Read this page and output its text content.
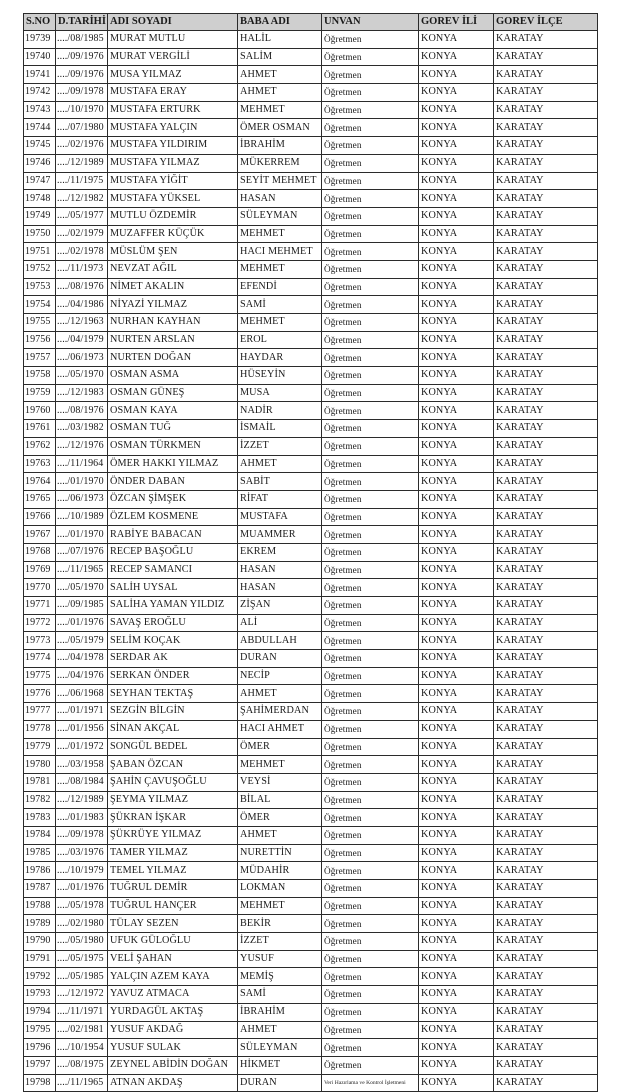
S.NO	D.TARİHİ	ADI SOYADI	BABA ADI	UNVAN	GOREV İLİ	GOREV İLÇE
19739	..../08/1985	MURAT MUTLU	HALİL	Öğretmen	KONYA	KARATAY
19740	..../09/1976	MURAT VERGİLİ	SALİM	Öğretmen	KONYA	KARATAY
19741	..../09/1976	MUSA YILMAZ	AHMET	Öğretmen	KONYA	KARATAY
19742	..../09/1978	MUSTAFA ERAY	AHMET	Öğretmen	KONYA	KARATAY
19743	..../10/1970	MUSTAFA ERTURK	MEHMET	Öğretmen	KONYA	KARATAY
19744	..../07/1980	MUSTAFA YALÇIN	ÖMER OSMAN	Öğretmen	KONYA	KARATAY
19745	..../02/1976	MUSTAFA YILDIRIM	İBRAHİM	Öğretmen	KONYA	KARATAY
19746	..../12/1989	MUSTAFA YILMAZ	MÜKERREM	Öğretmen	KONYA	KARATAY
19747	..../11/1975	MUSTAFA YİĞİT	SEYİT MEHMET	Öğretmen	KONYA	KARATAY
19748	..../12/1982	MUSTAFA YÜKSEL	HASAN	Öğretmen	KONYA	KARATAY
19749	..../05/1977	MUTLU ÖZDEMİR	SÜLEYMAN	Öğretmen	KONYA	KARATAY
19750	..../02/1979	MUZAFFER KÜÇÜK	MEHMET	Öğretmen	KONYA	KARATAY
19751	..../02/1978	MÜSLÜM ŞEN	HACI MEHMET	Öğretmen	KONYA	KARATAY
19752	..../11/1973	NEVZAT AĞIL	MEHMET	Öğretmen	KONYA	KARATAY
19753	..../08/1976	NİMET AKALIN	EFENDİ	Öğretmen	KONYA	KARATAY
19754	..../04/1986	NİYAZİ YILMAZ	SAMİ	Öğretmen	KONYA	KARATAY
19755	..../12/1963	NURHAN KAYHAN	MEHMET	Öğretmen	KONYA	KARATAY
19756	..../04/1979	NURTEN ARSLAN	EROL	Öğretmen	KONYA	KARATAY
19757	..../06/1973	NURTEN DOĞAN	HAYDAR	Öğretmen	KONYA	KARATAY
19758	..../05/1970	OSMAN ASMA	HÜSEYİN	Öğretmen	KONYA	KARATAY
19759	..../12/1983	OSMAN GÜNEŞ	MUSA	Öğretmen	KONYA	KARATAY
19760	..../08/1976	OSMAN KAYA	NADİR	Öğretmen	KONYA	KARATAY
19761	..../03/1982	OSMAN TUĞ	İSMAİL	Öğretmen	KONYA	KARATAY
19762	..../12/1976	OSMAN TÜRKMEN	İZZET	Öğretmen	KONYA	KARATAY
19763	..../11/1964	ÖMER HAKKI YILMAZ	AHMET	Öğretmen	KONYA	KARATAY
19764	..../01/1970	ÖNDER DABAN	SABİT	Öğretmen	KONYA	KARATAY
19765	..../06/1973	ÖZCAN ŞİMŞEK	RİFAT	Öğretmen	KONYA	KARATAY
19766	..../10/1989	ÖZLEM KOSMENE	MUSTAFA	Öğretmen	KONYA	KARATAY
19767	..../01/1970	RABİYE BABACAN	MUAMMER	Öğretmen	KONYA	KARATAY
19768	..../07/1976	RECEP BAŞOĞLU	EKREM	Öğretmen	KONYA	KARATAY
19769	..../11/1965	RECEP SAMANCI	HASAN	Öğretmen	KONYA	KARATAY
19770	..../05/1970	SALİH UYSAL	HASAN	Öğretmen	KONYA	KARATAY
19771	..../09/1985	SALİHA YAMAN YILDIZ	ZİŞAN	Öğretmen	KONYA	KARATAY
19772	..../01/1976	SAVAŞ EROĞLU	ALİ	Öğretmen	KONYA	KARATAY
19773	..../05/1979	SELİM KOÇAK	ABDULLAH	Öğretmen	KONYA	KARATAY
19774	..../04/1978	SERDAR AK	DURAN	Öğretmen	KONYA	KARATAY
19775	..../04/1976	SERKAN ÖNDER	NECİP	Öğretmen	KONYA	KARATAY
19776	..../06/1968	SEYHAN TEKTAŞ	AHMET	Öğretmen	KONYA	KARATAY
19777	..../01/1971	SEZGİN BİLGİN	ŞAHİMERDAN	Öğretmen	KONYA	KARATAY
19778	..../01/1956	SİNAN AKÇAL	HACI AHMET	Öğretmen	KONYA	KARATAY
19779	..../01/1972	SONGÜL BEDEL	ÖMER	Öğretmen	KONYA	KARATAY
19780	..../03/1958	ŞABAN ÖZCAN	MEHMET	Öğretmen	KONYA	KARATAY
19781	..../08/1984	ŞAHİN ÇAVUŞOĞLU	VEYSİ	Öğretmen	KONYA	KARATAY
19782	..../12/1989	ŞEYMA YILMAZ	BİLAL	Öğretmen	KONYA	KARATAY
19783	..../01/1983	ŞÜKRAN İŞKAR	ÖMER	Öğretmen	KONYA	KARATAY
19784	..../09/1978	ŞÜKRÜYE YILMAZ	AHMET	Öğretmen	KONYA	KARATAY
19785	..../03/1976	TAMER YILMAZ	NURETTİN	Öğretmen	KONYA	KARATAY
19786	..../10/1979	TEMEL YILMAZ	MÜDAHİR	Öğretmen	KONYA	KARATAY
19787	..../01/1976	TUĞRUL DEMİR	LOKMAN	Öğretmen	KONYA	KARATAY
19788	..../05/1978	TUĞRUL HANÇER	MEHMET	Öğretmen	KONYA	KARATAY
19789	..../02/1980	TÜLAY SEZEN	BEKİR	Öğretmen	KONYA	KARATAY
19790	..../05/1980	UFUK GÜLOĞLU	İZZET	Öğretmen	KONYA	KARATAY
19791	..../05/1975	VELİ ŞAHAN	YUSUF	Öğretmen	KONYA	KARATAY
19792	..../05/1985	YALÇIN AZEM KAYA	MEMİŞ	Öğretmen	KONYA	KARATAY
19793	..../12/1972	YAVUZ ATMACA	SAMİ	Öğretmen	KONYA	KARATAY
19794	..../11/1971	YURDAGÜL AKTAŞ	İBRAHİM	Öğretmen	KONYA	KARATAY
19795	..../02/1981	YUSUF AKDAĞ	AHMET	Öğretmen	KONYA	KARATAY
19796	..../10/1954	YUSUF SULAK	SÜLEYMAN	Öğretmen	KONYA	KARATAY
19797	..../08/1975	ZEYNEL ABİDİN DOĞAN	HİKMET	Öğretmen	KONYA	KARATAY
19798	..../11/1965	ATNAN AKDAŞ	DURAN	Veri Hazırlama ve Kontrol İşletmeni	KONYA	KARATAY
